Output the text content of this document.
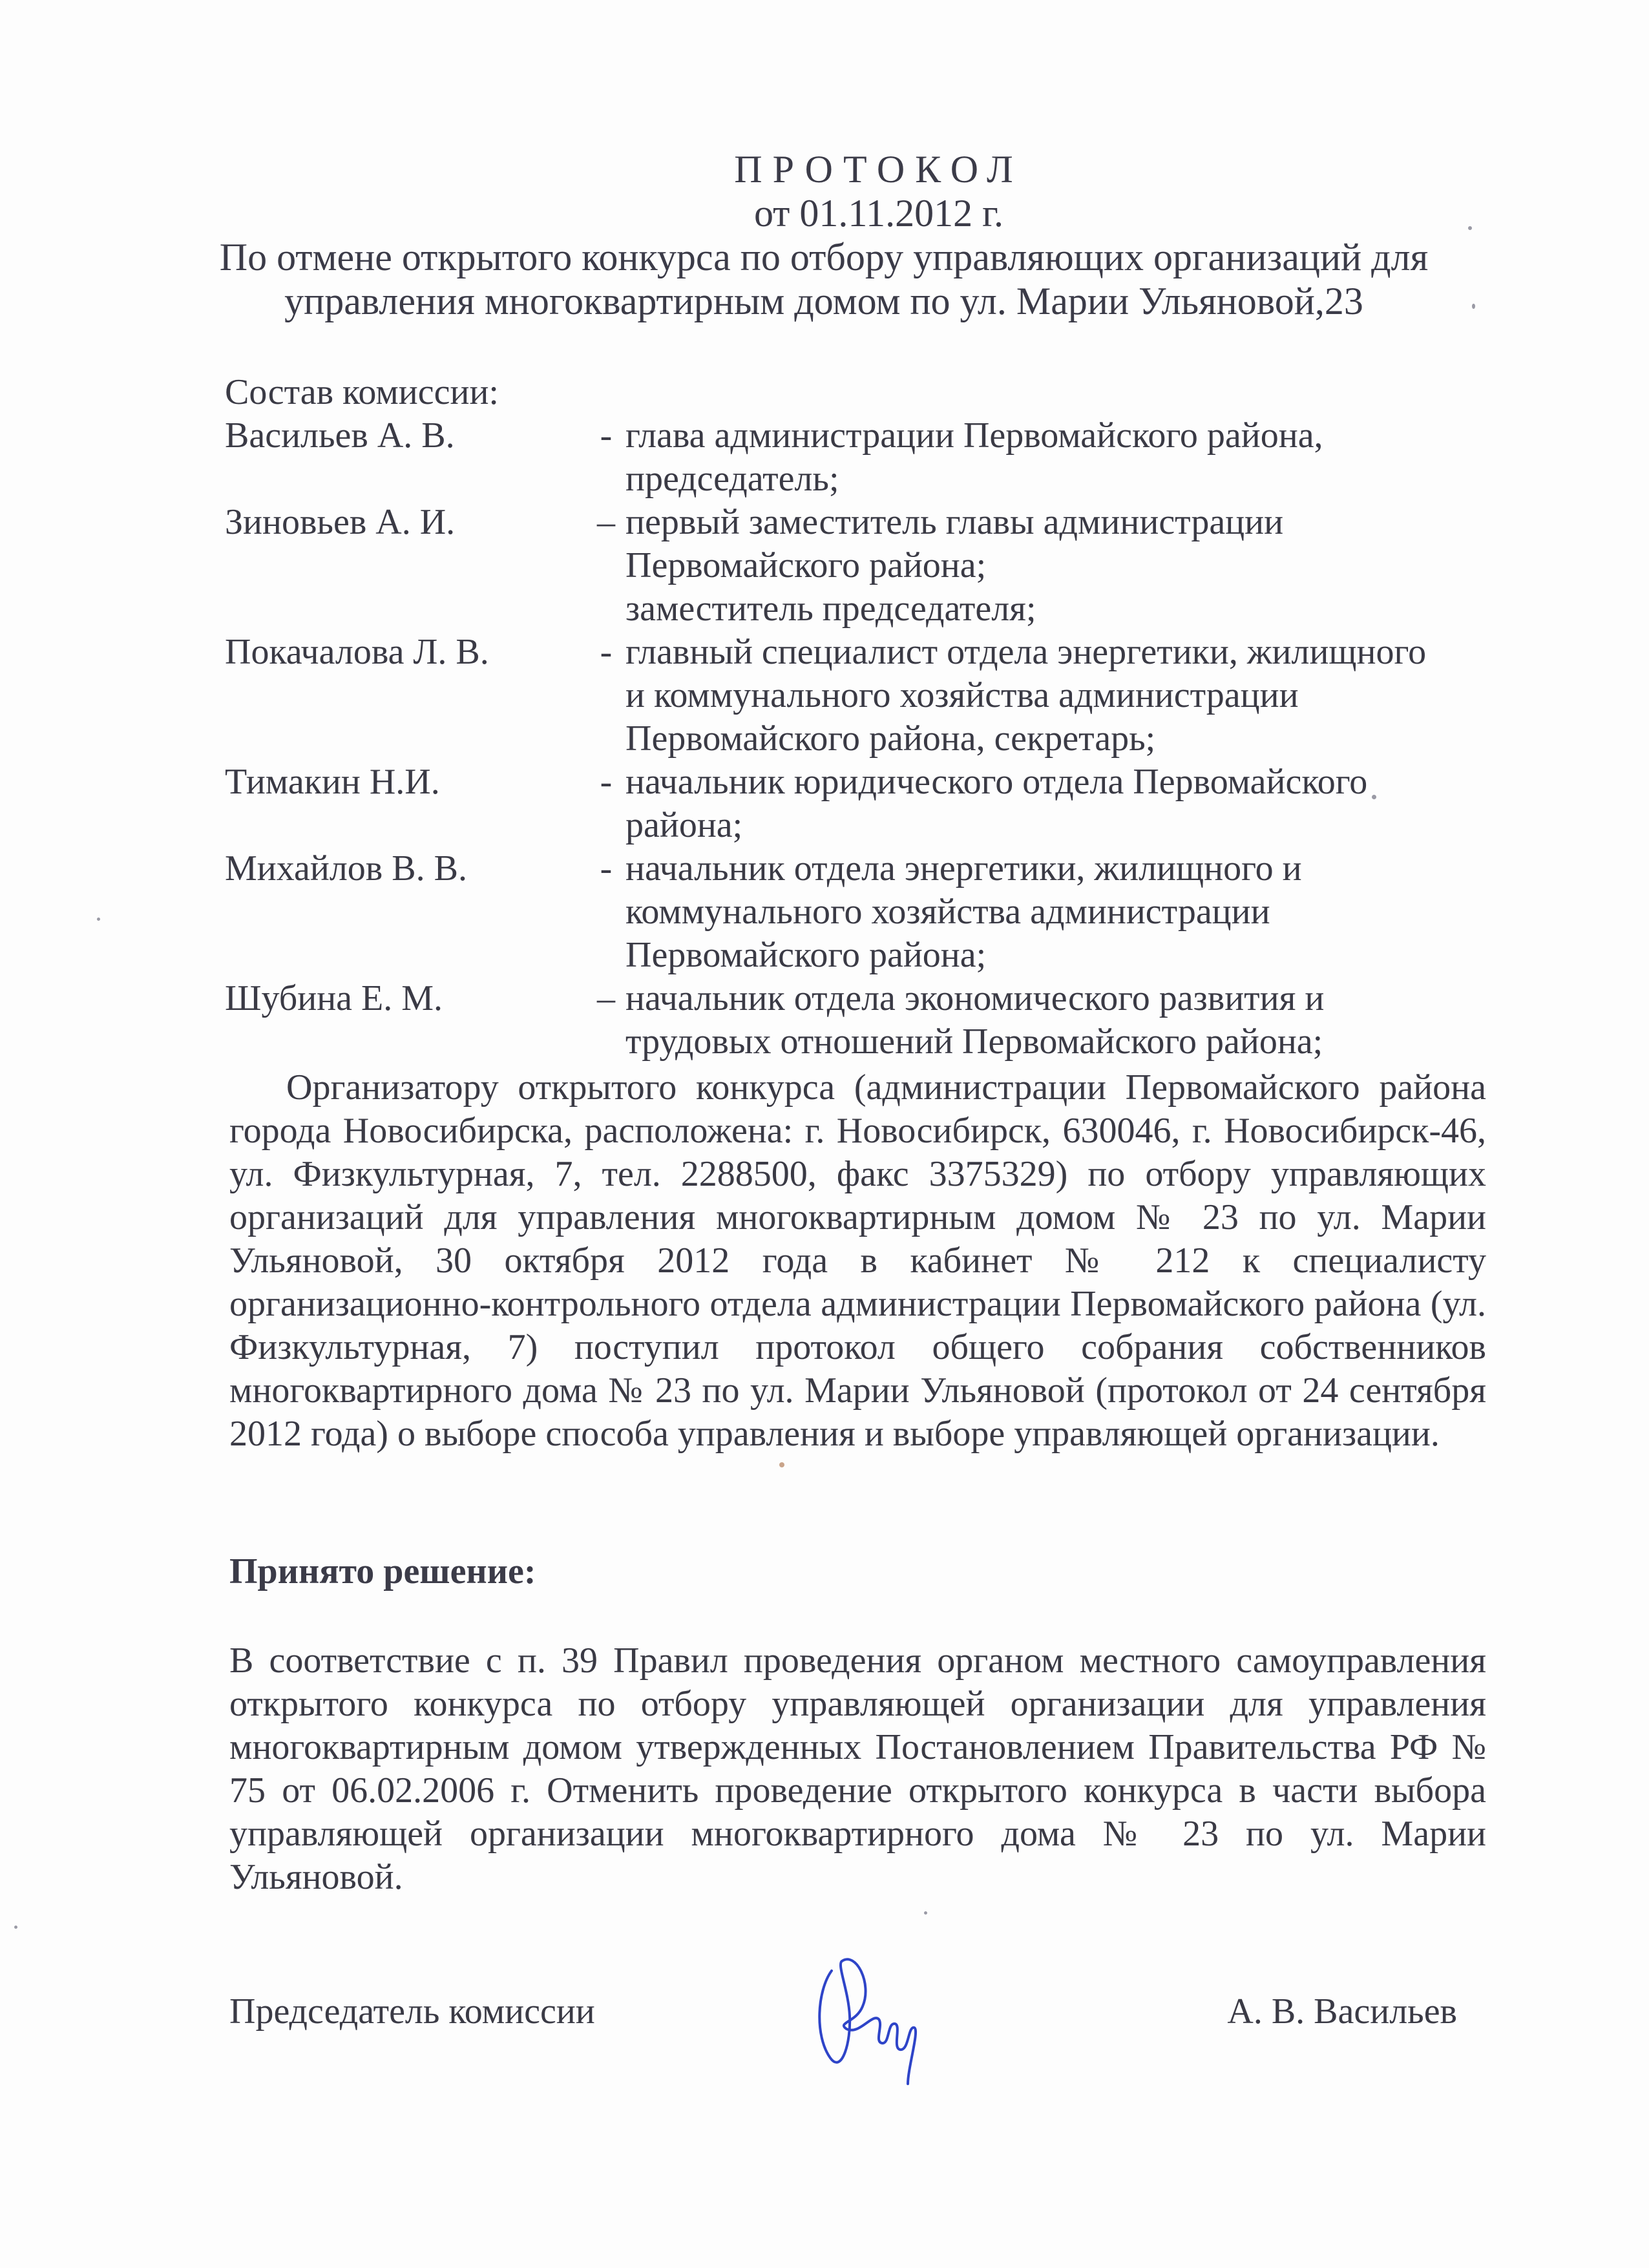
ПРОТОКОЛ
от 01.11.2012 г.
По отмене открытого конкурса по отбору управляющих организаций для
управления многоквартирным домом по ул. Марии Ульяновой,23
Состав комиссии:
Васильев А. В.	- глава администрации Первомайского района,
председатель;
Зиновьев А. И.	– первый заместитель главы администрации
Первомайского района;
заместитель председателя;
Покачалова Л. В.	- главный специалист отдела энергетики, жилищного
и коммунального хозяйства администрации
Первомайского района, секретарь;
Тимакин Н.И.	- начальник юридического отдела Первомайского
района;
Михайлов В. В.	- начальник отдела энергетики, жилищного и
коммунального хозяйства администрации
Первомайского района;
Шубина Е. М.	– начальник отдела экономического развития и
трудовых отношений Первомайского района;
Организатору открытого конкурса (администрации Первомайского района города Новосибирска, расположена: г. Новосибирск, 630046, г. Новосибирск-46, ул. Физкультурная, 7, тел. 2288500, факс 3375329) по отбору управляющих организаций для управления многоквартирным домом № 23 по ул. Марии Ульяновой, 30 октября 2012 года в кабинет № 212 к специалисту организационно-контрольного отдела администрации Первомайского района (ул. Физкультурная, 7) поступил протокол общего собрания собственников многоквартирного дома № 23 по ул. Марии Ульяновой (протокол от 24 сентября 2012 года) о выборе способа управления и выборе управляющей организации.
Принято решение:
В соответствие с п. 39 Правил проведения органом местного самоуправления открытого конкурса по отбору управляющей организации для управления многоквартирным домом утвержденных Постановлением Правительства РФ № 75 от 06.02.2006 г. Отменить проведение открытого конкурса в части выбора управляющей организации многоквартирного дома № 23 по ул. Марии Ульяновой.
Председатель комиссии	А. В. Васильев
